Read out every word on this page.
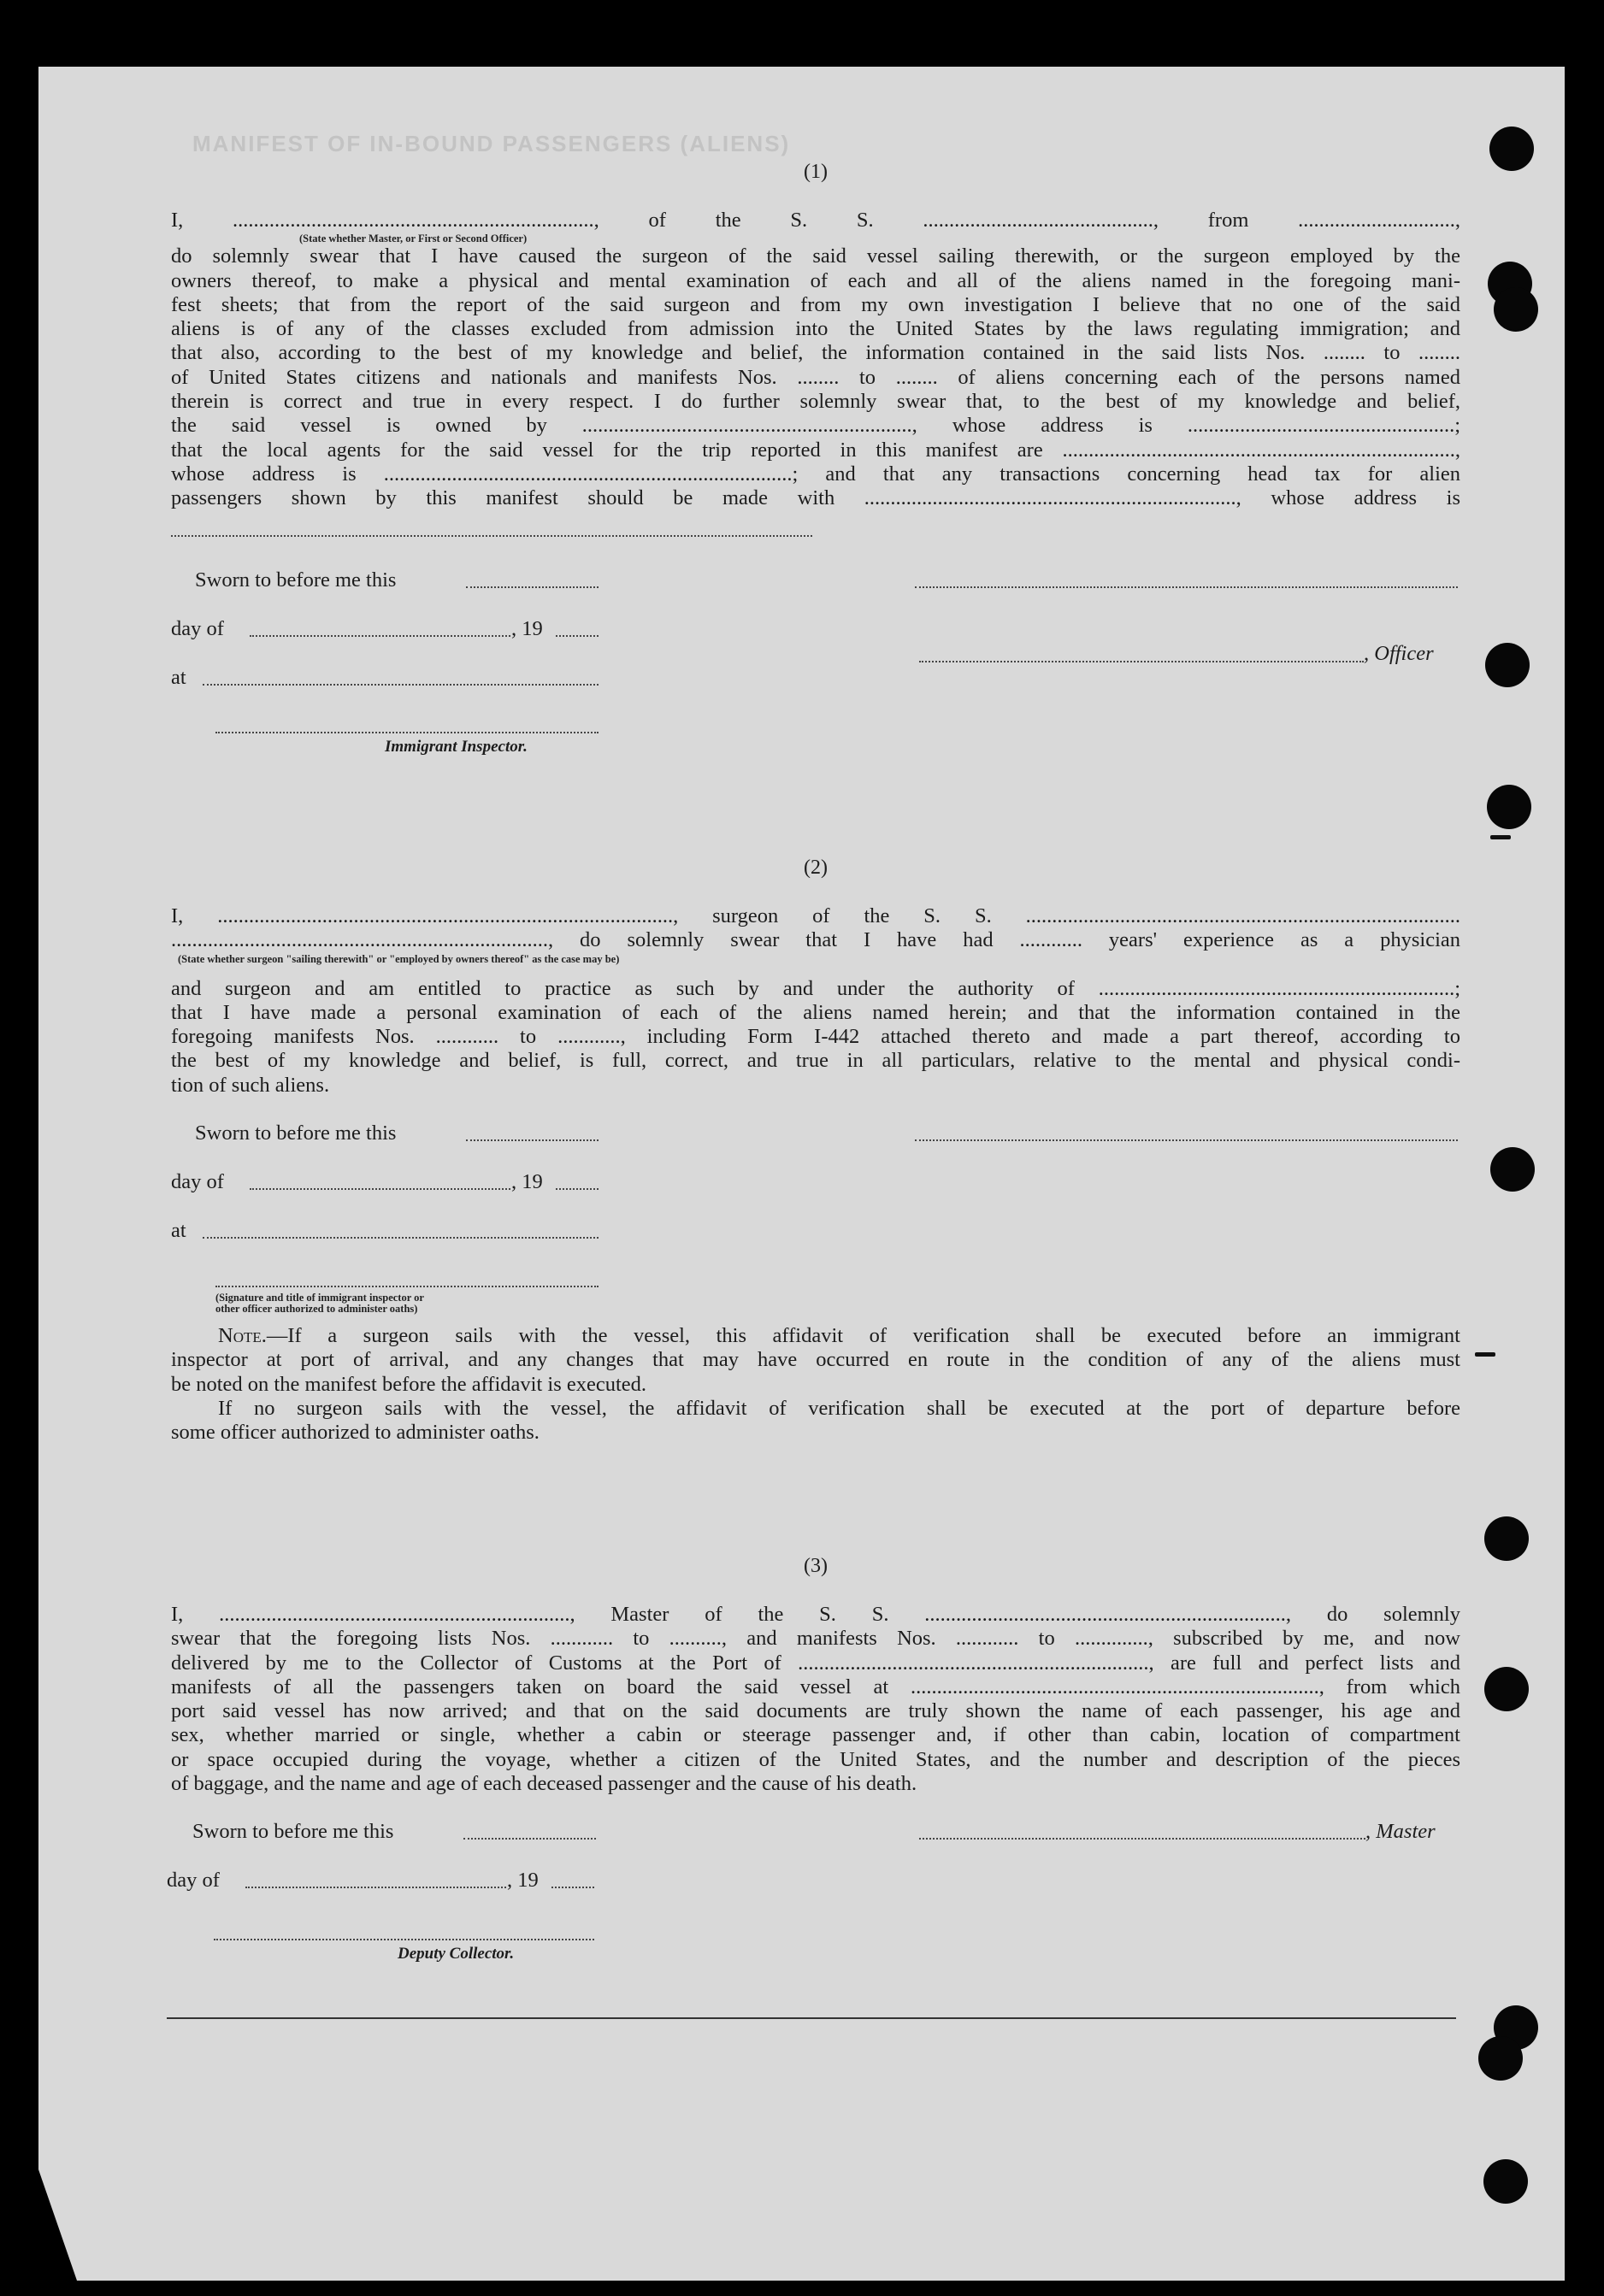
MANIFEST OF IN-BOUND PASSENGERS (ALIENS)
(1)
I, ....................................................................., of the S. S. ............................................, from ..............................,
do solemnly swear that I have caused the surgeon of the said vessel sailing therewith, or the surgeon employed by the
owners thereof, to make a physical and mental examination of each and all of the aliens named in the foregoing mani-
fest sheets; that from the report of the said surgeon and from my own investigation I believe that no one of the said
aliens is of any of the classes excluded from admission into the United States by the laws regulating immigration; and
that also, according to the best of my knowledge and belief, the information contained in the said lists Nos. ........ to ........
of United States citizens and nationals and manifests Nos. ........ to ........ of aliens concerning each of the persons named
therein is correct and true in every respect. I do further solemnly swear that, to the best of my knowledge and belief,
the said vessel is owned by ..............................................................., whose address is ...................................................;
that the local agents for the said vessel for the trip reported in this manifest are ...........................................................................,
whose address is ..............................................................................; and that any transactions concerning head tax for alien
passengers shown by this manifest should be made with ......................................................................., whose address is
(State whether Master, or First or Second Officer)
Sworn to before me this
day of	, 19
, Officer
at
Immigrant Inspector.
(2)
I, ......................................................................................., surgeon of the S. S. ...................................................................................
........................................................................, do solemnly swear that I have had ............ years' experience as a physician
and surgeon and am entitled to practice as such by and under the authority of ....................................................................;
that I have made a personal examination of each of the aliens named herein; and that the information contained in the
foregoing manifests Nos. ............ to ............, including Form I-442 attached thereto and made a part thereof, according to
the best of my knowledge and belief, is full, correct, and true in all particulars, relative to the mental and physical condi-
tion of such aliens.
(State whether surgeon "sailing therewith" or "employed by owners thereof" as the case may be)
Sworn to before me this
day of	, 19
at
(Signature and title of immigrant inspector or
other officer authorized to administer oaths)
Note.—If a surgeon sails with the vessel, this affidavit of verification shall be executed before an immigrant
inspector at port of arrival, and any changes that may have occurred en route in the condition of any of the aliens must
be noted on the manifest before the affidavit is executed.
If no surgeon sails with the vessel, the affidavit of verification shall be executed at the port of departure before
some officer authorized to administer oaths.
(3)
I, ..................................................................., Master of the S. S. ....................................................................., do solemnly
swear that the foregoing lists Nos. ............ to .........., and manifests Nos. ............ to .............., subscribed by me, and now
delivered by me to the Collector of Customs at the Port of ..................................................................., are full and perfect lists and
manifests of all the passengers taken on board the said vessel at .............................................................................., from which
port said vessel has now arrived; and that on the said documents are truly shown the name of each passenger, his age and
sex, whether married or single, whether a cabin or steerage passenger and, if other than cabin, location of compartment
or space occupied during the voyage, whether a citizen of the United States, and the number and description of the pieces
of baggage, and the name and age of each deceased passenger and the cause of his death.
Sworn to before me this	, Master
day of	, 19
Deputy Collector.
